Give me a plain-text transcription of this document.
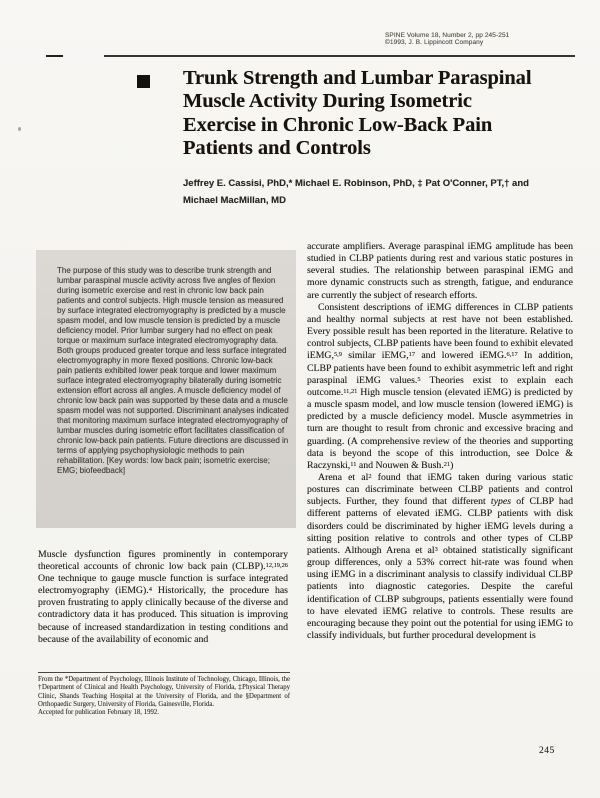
SPINE Volume 18, Number 2, pp 245-251
©1993, J. B. Lippincott Company
Trunk Strength and Lumbar Paraspinal
Muscle Activity During Isometric
Exercise in Chronic Low-Back Pain
Patients and Controls
Jeffrey E. Cassisi, PhD,* Michael E. Robinson, PhD, ‡ Pat O'Conner, PT,† and
Michael MacMillan, MD

The purpose of this study was to describe trunk strength and lumbar paraspinal muscle activity across five angles of flexion during isometric exercise and rest in chronic low back pain patients and control subjects. High muscle tension as measured by surface integrated electromyography is predicted by a muscle spasm model, and low muscle tension is predicted by a muscle deficiency model. Prior lumbar surgery had no effect on peak torque or maximum surface integrated electromyography data. Both groups produced greater torque and less surface integrated electromyography in more flexed positions. Chronic low-back pain patients exhibited lower peak torque and lower maximum surface integrated electromyography bilaterally during isometric extension effort across all angles. A muscle deficiency model of chronic low back pain was supported by these data and a muscle spasm model was not supported. Discriminant analyses indicated that monitoring maximum surface integrated electromyography of lumbar muscles during isometric effort facilitates classification of chronic low-back pain patients. Future directions are discussed in terms of applying psychophysiologic methods to pain rehabilitation. [Key words: low back pain; isometric exercise; EMG; biofeedback]

Muscle dysfunction figures prominently in contemporary theoretical accounts of chronic low back pain (CLBP).$^{12,19,26}$ One technique to gauge muscle function is surface integrated electromyography (iEMG).$^4$ Historically, the procedure has proven frustrating to apply clinically because of the diverse and contradictory data it has produced. This situation is improving because of increased standardization in testing conditions and because of the availability of economic and

From the *Department of Psychology, Illinois Institute of Technology, Chicago, Illinois, the †Department of Clinical and Health Psychology, University of Florida, ‡Physical Therapy Clinic, Shands Teaching Hospital at the University of Florida, and the §Department of Orthopaedic Surgery, University of Florida, Gainesville, Florida.

Accepted for publication February 18, 1992.

accurate amplifiers. Average paraspinal iEMG amplitude has been studied in CLBP patients during rest and various static postures in several studies. The relationship between paraspinal iEMG and more dynamic constructs such as strength, fatigue, and endurance are currently the subject of research efforts.

Consistent descriptions of iEMG differences in CLBP patients and healthy normal subjects at rest have not been established. Every possible result has been reported in the literature. Relative to control subjects, CLBP patients have been found to exhibit elevated iEMG,$^{5,9}$ similar iEMG,$^{17}$ and lowered iEMG.$^{6,17}$ In addition, CLBP patients have been found to exhibit asymmetric left and right paraspinal iEMG values.$^5$ Theories exist to explain each outcome.$^{11,21}$ High muscle tension (elevated iEMG) is predicted by a muscle spasm model, and low muscle tension (lowered iEMG) is predicted by a muscle deficiency model. Muscle asymmetries in turn are thought to result from chronic and excessive bracing and guarding. (A comprehensive review of the theories and supporting data is beyond the scope of this introduction, see Dolce & Raczynski,$^{11}$ and Nouwen & Bush.$^{21}$)

Arena et $al^2$ found that iEMG taken during various static postures can discriminate between CLBP patients and control subjects. Further, they found that different types of CLBP had different patterns of elevated iEMG. CLBP patients with disk disorders could be discriminated by higher iEMG levels during a sitting position relative to controls and other types of CLBP patients. Although Arena et $al^3$ obtained statistically significant group differences, only a 53% correct hit-rate was found when using iEMG in a discriminant analysis to classify individual CLBP patients into diagnostic categories. Despite the careful identification of CLBP subgroups, patients essentially were found to have elevated iEMG relative to controls. These results are encouraging because they point out the potential for using iEMG to classify individuals, but further procedural development is

245
